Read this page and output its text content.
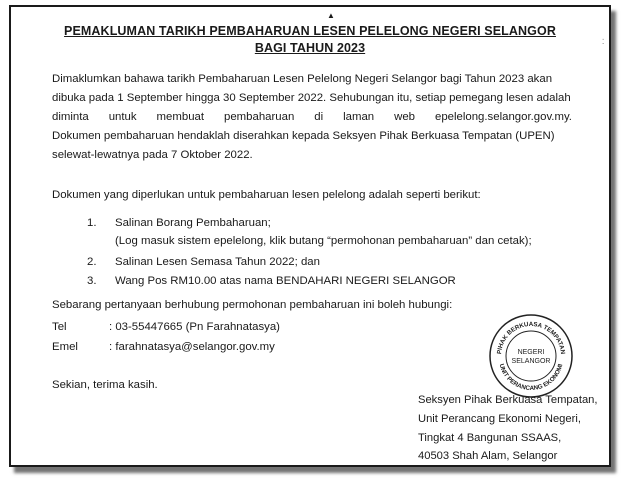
▲
PEMAKLUMAN TARIKH PEMBAHARUAN LESEN PELELONG NEGERI SELANGOR
BAGI TAHUN 2023
Dimaklumkan bahawa tarikh Pembaharuan Lesen Pelelong Negeri Selangor bagi Tahun 2023 akan
dibuka pada 1 September hingga 30 September 2022. Sehubungan itu, setiap pemegang lesen adalah
diminta untuk membuat pembaharuan di laman web epelelong.selangor.gov.my.
Dokumen pembaharuan hendaklah diserahkan kepada Seksyen Pihak Berkuasa Tempatan (UPEN)
selewat-lewatnya pada 7 Oktober 2022.
Dokumen yang diperlukan untuk pembaharuan lesen pelelong adalah seperti berikut:
1. Salinan Borang Pembaharuan;
(Log masuk sistem epelelong, klik butang “permohonan pembaharuan” dan cetak);
2. Salinan Lesen Semasa Tahun 2022; dan
3. Wang Pos RM10.00 atas nama BENDAHARI NEGERI SELANGOR
Sebarang pertanyaan berhubung permohonan pembaharuan ini boleh hubungi:
Tel	: 03-55447665 (Pn Farahnatasya)
Emel	: farahnatasya@selangor.gov.my
Sekian, terima kasih.
Seksyen Pihak Berkuasa Tempatan,
Unit Perancang Ekonomi Negeri,
Tingkat 4 Bangunan SSAAS,
40503 Shah Alam, Selangor
PIHAK BERKUASA TEMPATAN
UNIT PERANCANG EKONOMI
NEGERI
SELANGOR
⁚
